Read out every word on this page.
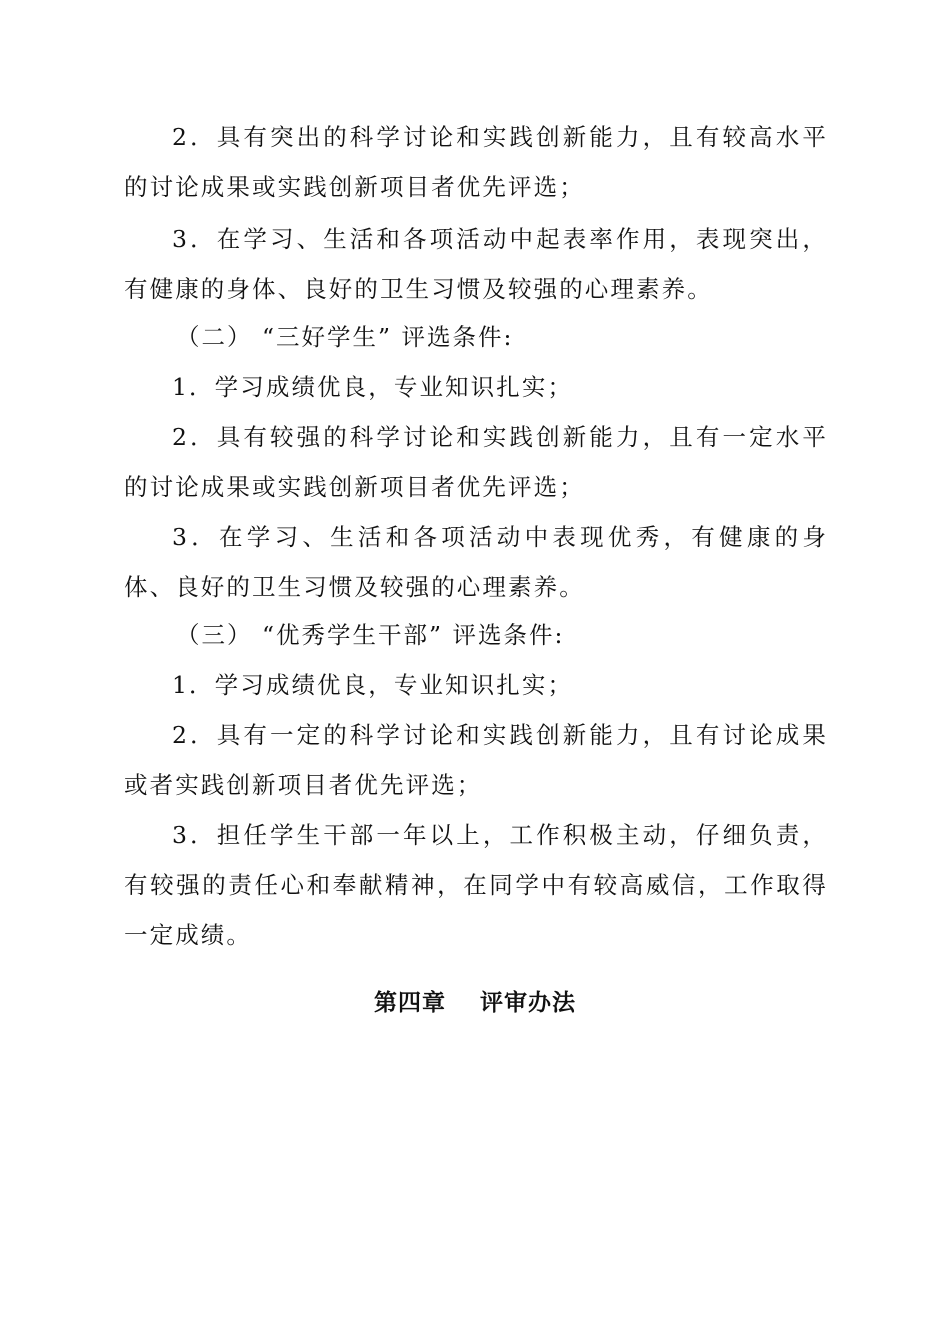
2．具有突出的科学讨论和实践创新能力，且有较高水平的讨论成果或实践创新项目者优先评选；

3．在学习、生活和各项活动中起表率作用，表现突出，有健康的身体、良好的卫生习惯及较强的心理素养。

（二） “三好学生” 评选条件:

1．学习成绩优良，专业知识扎实；

2．具有较强的科学讨论和实践创新能力，且有一定水平的讨论成果或实践创新项目者优先评选；

3．在学习、生活和各项活动中表现优秀，有健康的身体、良好的卫生习惯及较强的心理素养。

（三） “优秀学生干部” 评选条件:

1．学习成绩优良，专业知识扎实；

2．具有一定的科学讨论和实践创新能力，且有讨论成果或者实践创新项目者优先评选；

3．担任学生干部一年以上，工作积极主动，仔细负责，有较强的责任心和奉献精神，在同学中有较高威信，工作取得一定成绩。

第四章 评审办法
